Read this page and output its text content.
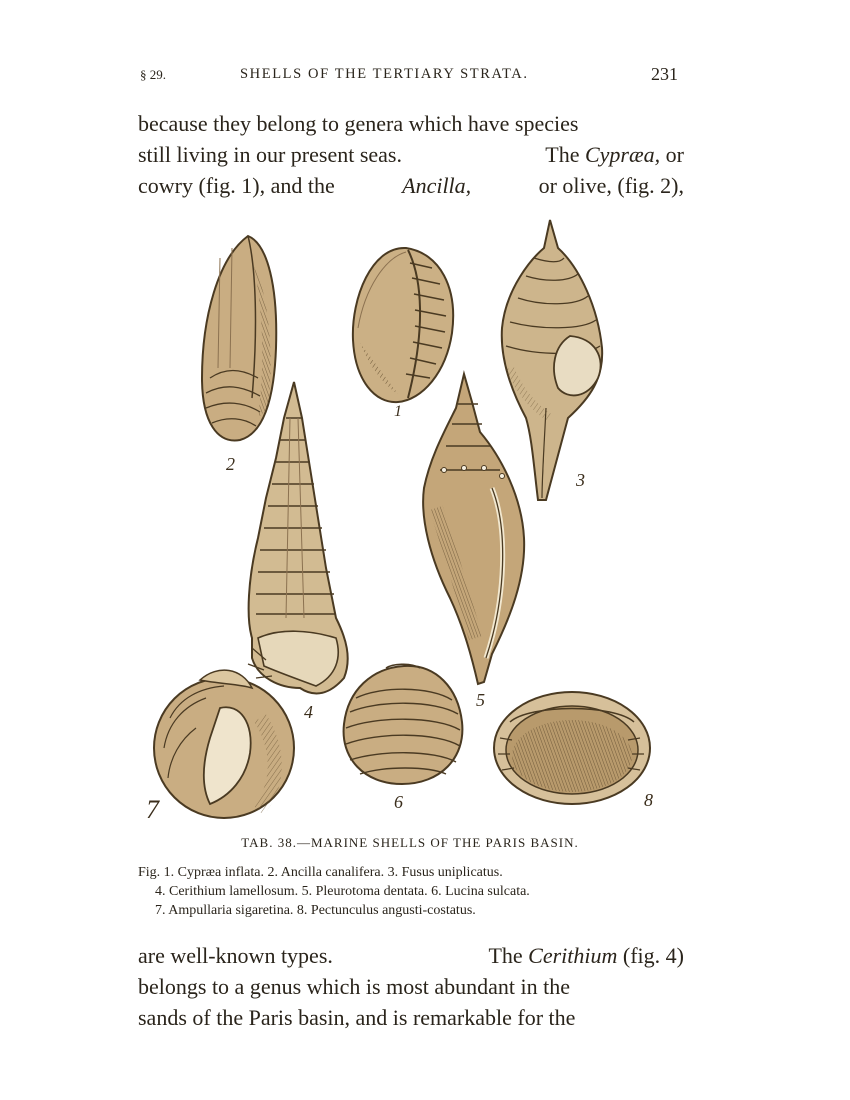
§ 29.	SHELLS OF THE TERTIARY STRATA.	231
because they belong to genera which have species
still living in our present seas.	The Cypræa, or
cowry (fig. 1), and the	Ancilla,	or olive, (fig. 2),
2
1
3
4
5
7	6	8
TAB. 38.—MARINE SHELLS OF THE PARIS BASIN.
Fig. 1. Cypræa inflata. 2. Ancilla canalifera. 3. Fusus uniplicatus.
4. Cerithium lamellosum. 5. Pleurotoma dentata. 6. Lucina sulcata.
7. Ampullaria sigaretina. 8. Pectunculus angusti-costatus.
are well-known types.	The Cerithium (fig. 4)
belongs to a genus which is most abundant in the
sands of the Paris basin, and is remarkable for the
